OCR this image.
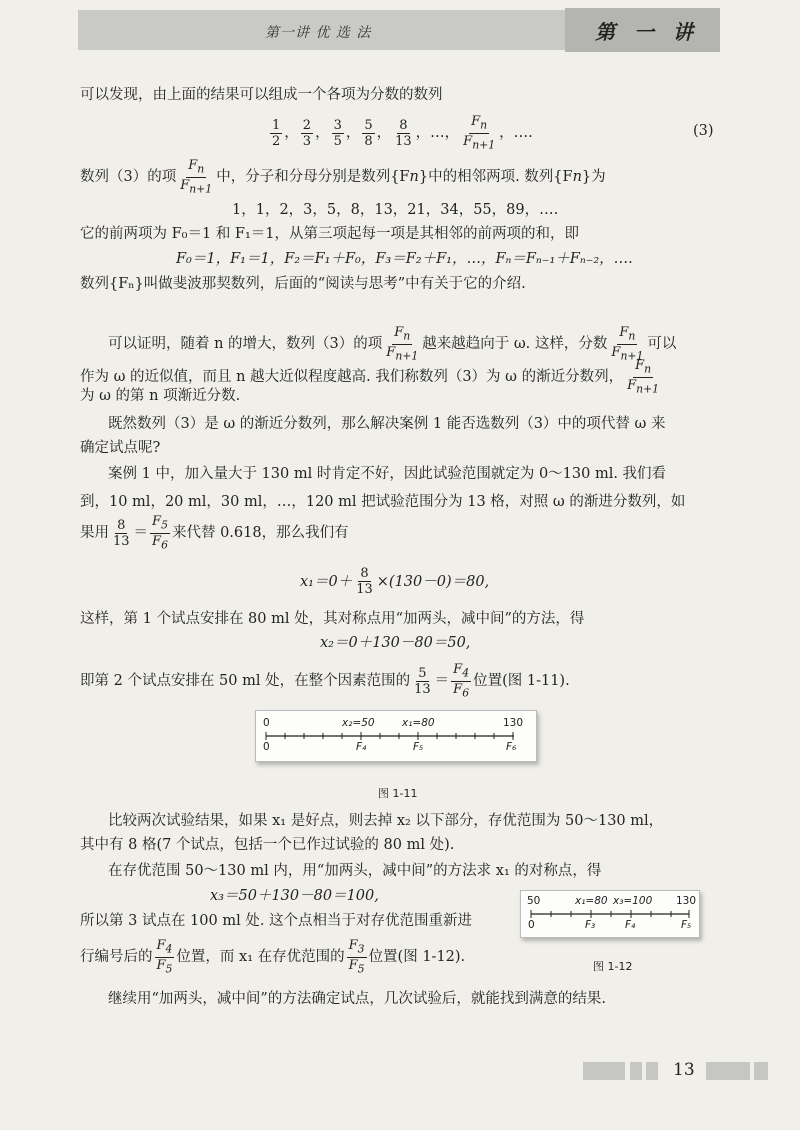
第一讲 优 选 法	第 一 讲
可以发现，由上面的结果可以组成一个各项为分数的数列
$\frac{1}{2}$ ， $\frac{2}{3}$ ， $\frac{3}{5}$ ， $\frac{5}{8}$ ， $\frac{8}{13}$ ，…， $\frac{F_n}{F_{n+1}}$ ，….	(3)
数列（3）的项 $\frac{F_n}{F_{n+1}}$ 中，分子和分母分别是数列{F n }中的相邻两项. 数列{F n }为
1，1，2，3，5，8，13，21，34，55，89，….
它的前两项为 F₀＝1 和 F₁＝1，从第三项起每一项是其相邻的前两项的和，即
F₀＝1，F₁＝1，F₂＝F₁＋F₀，F₃＝F₂＋F₁，…，Fₙ＝Fₙ₋₁＋Fₙ₋₂，….
数列{Fₙ}叫做斐波那契数列，后面的“阅读与思考”中有关于它的介绍.
可以证明，随着 n 的增大，数列（3）的项 $\frac{F_n}{F_{n+1}}$ 越来越趋向于 ω. 这样，分数 $\frac{F_n}{F_{n+1}}$ 可以
作为 ω 的近似值，而且 n 越大近似程度越高. 我们称数列（3）为 ω 的渐近分数列， $\frac{F_n}{F_{n+1}}$
为 ω 的第 n 项渐近分数.
既然数列（3）是 ω 的渐近分数列，那么解决案例 1 能否选数列（3）中的项代替 ω 来
确定试点呢?
案例 1 中，加入量大于 130 ml 时肯定不好，因此试验范围就定为 0～130 ml. 我们看
到，10 ml，20 ml，30 ml，…，120 ml 把试验范围分为 13 格，对照 ω 的渐进分数列，如
果用 $\frac{8}{13} = \frac{F_5}{F_6}$ 来代替 0.618，那么我们有
$x_1=0+ \frac{8}{13} \times(130-0)=80$,
这样，第 1 个试点安排在 80 ml 处，其对称点用“加两头，减中间”的方法，得
x₂＝0＋130－80＝50,
即第 2 个试点安排在 50 ml 处，在整个因素范围的 $\frac{5}{13} = \frac{F_4}{F_6}$ 位置(图 1-11).
0	x₂=50	x₁=80	130
0	F₄	F₅	F₆
图 1-11
比较两次试验结果，如果 x₁ 是好点，则去掉 x₂ 以下部分，存优范围为 50～130 ml，
其中有 8 格(7 个试点，包括一个已作过试验的 80 ml 处).
在存优范围 50～130 ml 内，用“加两头，减中间”的方法求 x₁ 的对称点，得
x₃＝50＋130－80＝100,
所以第 3 试点在 100 ml 处. 这个点相当于对存优范围重新进
行编号后的 $\frac{F_4}{F_5}$ 位置，而 x₁ 在存优范围的 $\frac{F_3}{F_5}$ 位置(图 1-12).
50	x₁=80 x₃=100 130
0	F₃	F₄	F₅
图 1-12
继续用“加两头，减中间”的方法确定试点，几次试验后，就能找到满意的结果.
13
